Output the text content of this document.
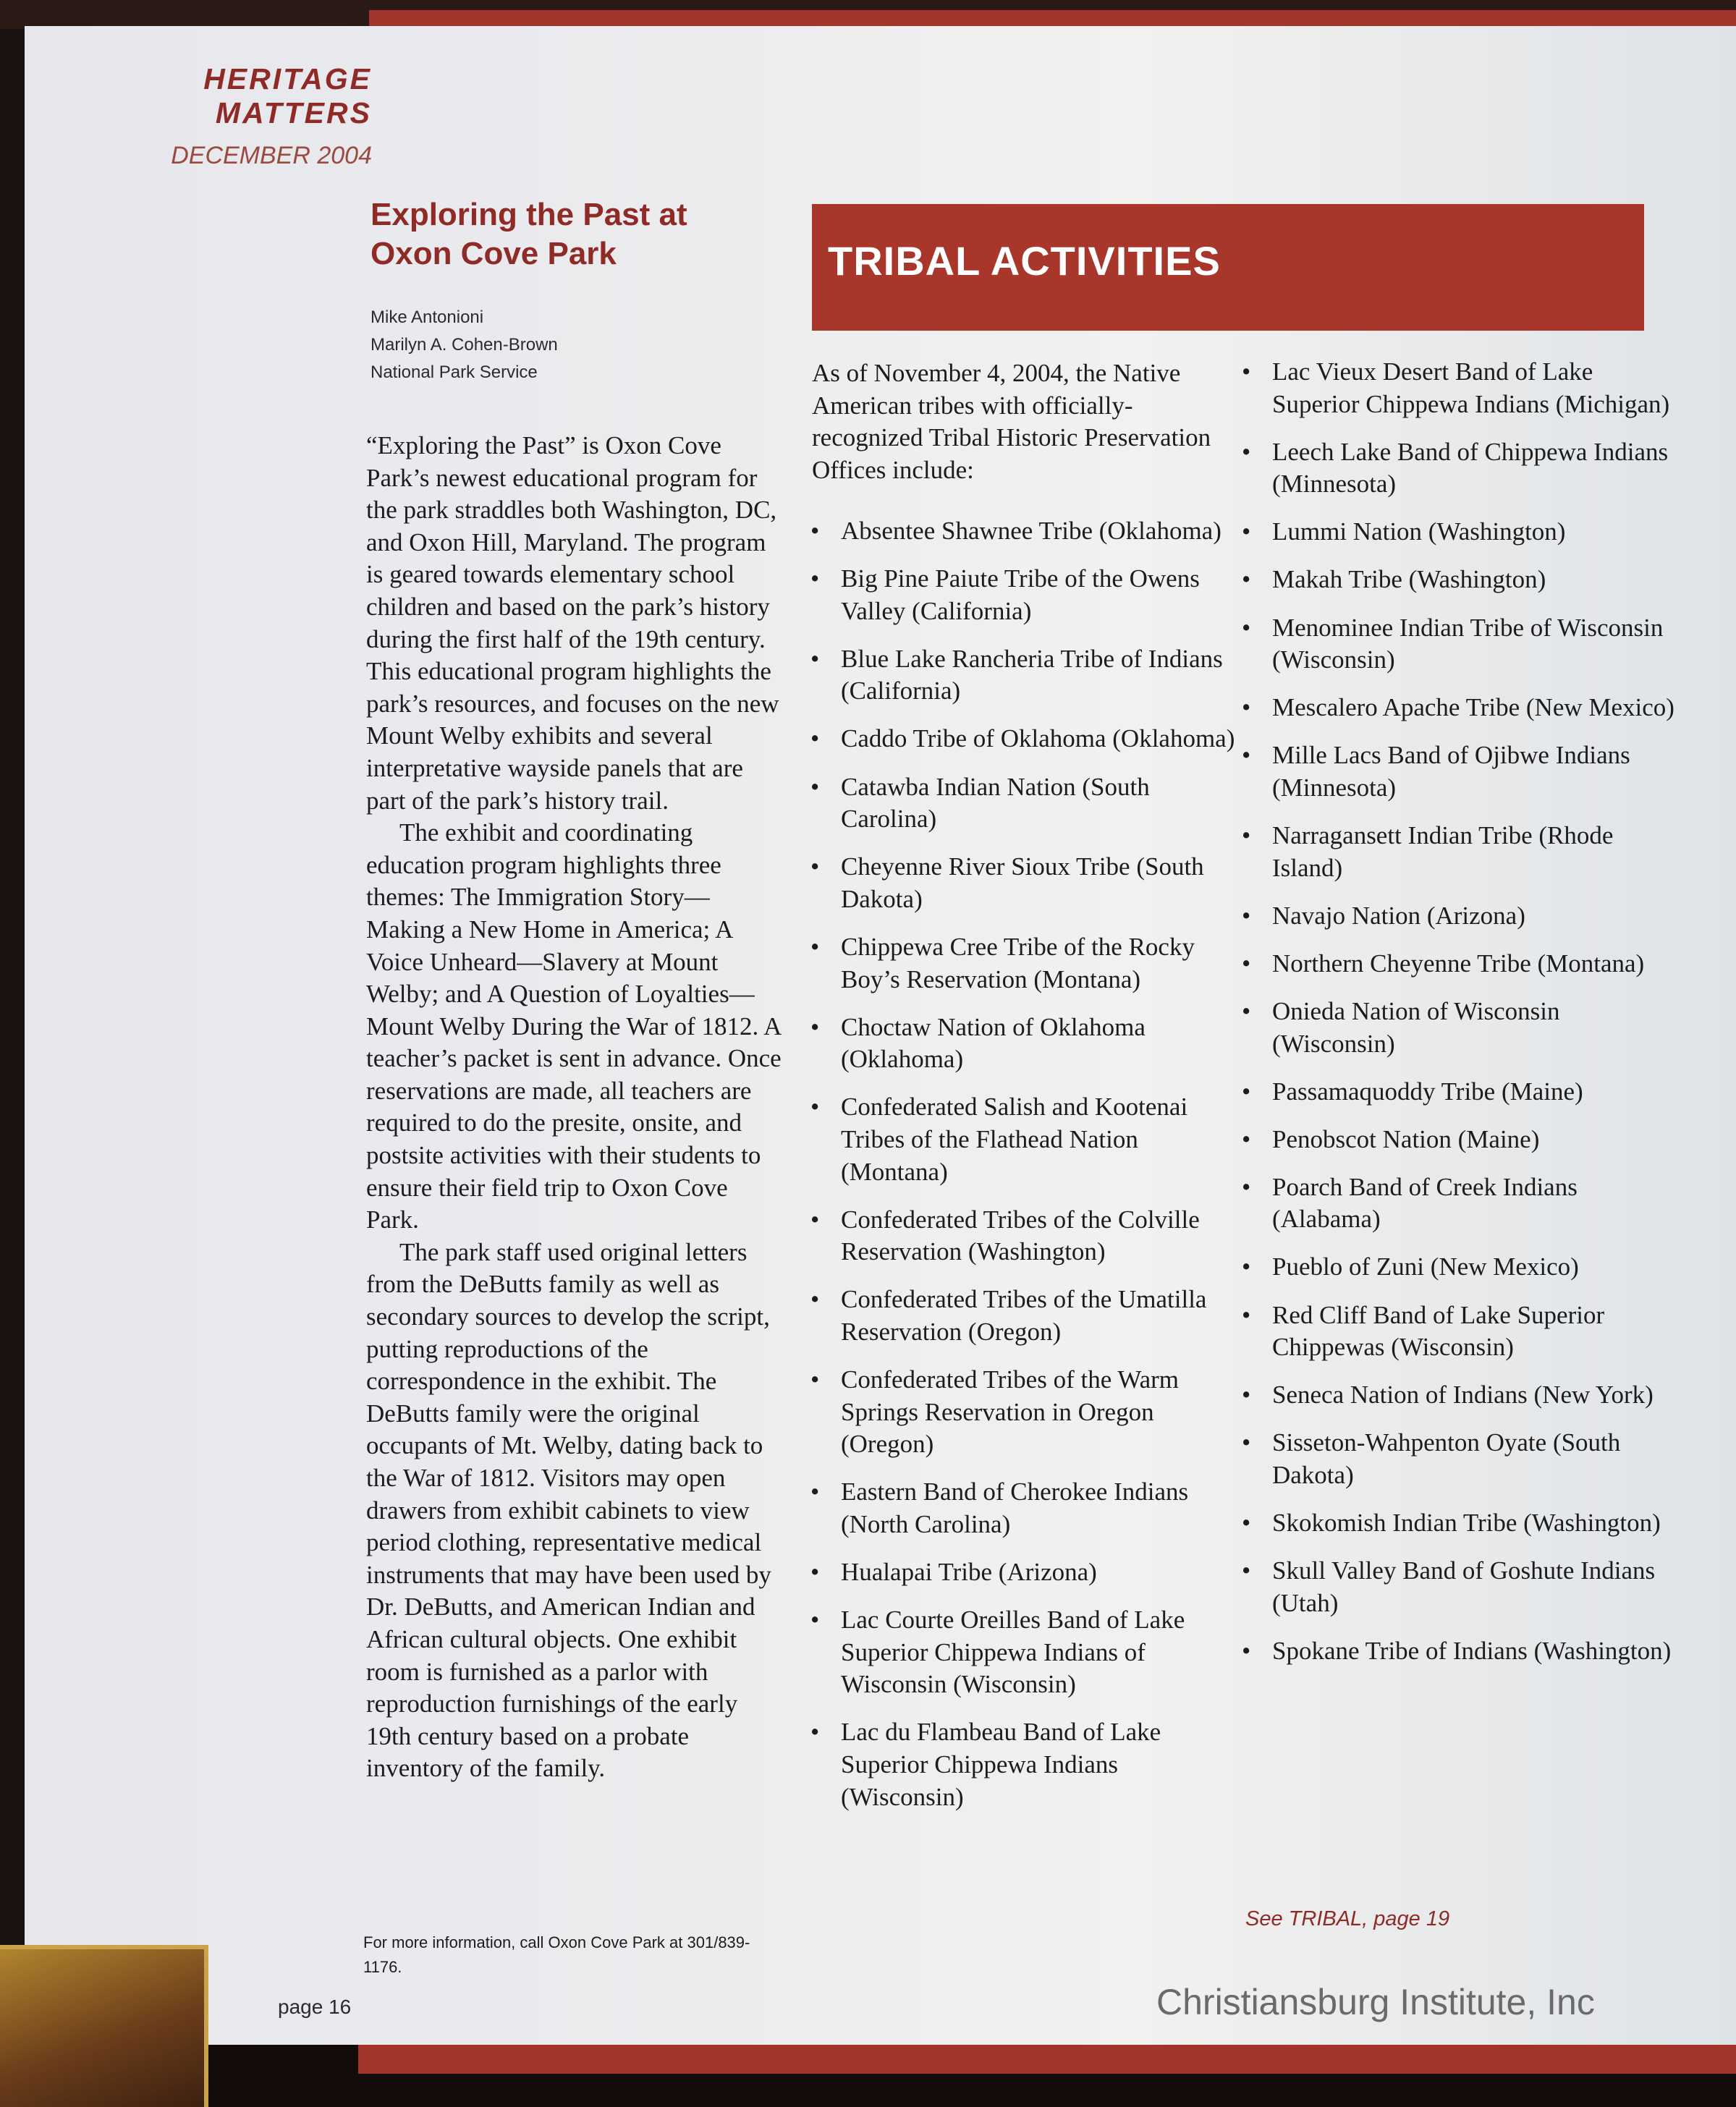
HERITAGE
MATTERS
DECEMBER 2004
Exploring the Past at
Oxon Cove Park
Mike Antonioni
Marilyn A. Cohen-Brown
National Park Service

“Exploring the Past” is Oxon Cove Park’s newest educational program for the park straddles both Washington, DC, and Oxon Hill, Maryland. The program is geared towards elementary school children and based on the park’s history during the first half of the 19th century. This educational program highlights the park’s resources, and focuses on the new Mount Welby exhibits and several interpretative wayside panels that are part of the park’s history trail.

The exhibit and coordinating education program highlights three themes: The Immigration Story—Making a New Home in America; A Voice Unheard—Slavery at Mount Welby; and A Question of Loyalties—Mount Welby During the War of 1812. A teacher’s packet is sent in advance. Once reservations are made, all teachers are required to do the presite, onsite, and postsite activities with their students to ensure their field trip to Oxon Cove Park.

The park staff used original letters from the DeButts family as well as secondary sources to develop the script, putting reproductions of the correspondence in the exhibit. The DeButts family were the original occupants of Mt. Welby, dating back to the War of 1812. Visitors may open drawers from exhibit cabinets to view period clothing, representative medical instruments that may have been used by Dr. DeButts, and American Indian and African cultural objects. One exhibit room is furnished as a parlor with reproduction furnishings of the early 19th century based on a probate inventory of the family.

For more information, call Oxon Cove Park at 301/839-1176.
TRIBAL ACTIVITIES
As of November 4, 2004, the Native American tribes with officially-recognized Tribal Historic Preservation Offices include:
• Absentee Shawnee Tribe (Oklahoma)
• Big Pine Paiute Tribe of the Owens Valley (California)
• Blue Lake Rancheria Tribe of Indians (California)
• Caddo Tribe of Oklahoma (Oklahoma)
• Catawba Indian Nation (South Carolina)
• Cheyenne River Sioux Tribe (South Dakota)
• Chippewa Cree Tribe of the Rocky Boy’s Reservation (Montana)
• Choctaw Nation of Oklahoma (Oklahoma)
• Confederated Salish and Kootenai Tribes of the Flathead Nation (Montana)
• Confederated Tribes of the Colville Reservation (Washington)
• Confederated Tribes of the Umatilla Reservation (Oregon)
• Confederated Tribes of the Warm Springs Reservation in Oregon (Oregon)
• Eastern Band of Cherokee Indians (North Carolina)
• Hualapai Tribe (Arizona)
• Lac Courte Oreilles Band of Lake Superior Chippewa Indians of Wisconsin (Wisconsin)
• Lac du Flambeau Band of Lake Superior Chippewa Indians (Wisconsin)
• Lac Vieux Desert Band of Lake Superior Chippewa Indians (Michigan)
• Leech Lake Band of Chippewa Indians (Minnesota)
• Lummi Nation (Washington)
• Makah Tribe (Washington)
• Menominee Indian Tribe of Wisconsin (Wisconsin)
• Mescalero Apache Tribe (New Mexico)
• Mille Lacs Band of Ojibwe Indians (Minnesota)
• Narragansett Indian Tribe (Rhode Island)
• Navajo Nation (Arizona)
• Northern Cheyenne Tribe (Montana)
• Onieda Nation of Wisconsin (Wisconsin)
• Passamaquoddy Tribe (Maine)
• Penobscot Nation (Maine)
• Poarch Band of Creek Indians (Alabama)
• Pueblo of Zuni (New Mexico)
• Red Cliff Band of Lake Superior Chippewas (Wisconsin)
• Seneca Nation of Indians (New York)
• Sisseton-Wahpenton Oyate (South Dakota)
• Skokomish Indian Tribe (Washington)
• Skull Valley Band of Goshute Indians (Utah)
• Spokane Tribe of Indians (Washington)
See TRIBAL, page 19
page 16	Christiansburg Institute, Inc
